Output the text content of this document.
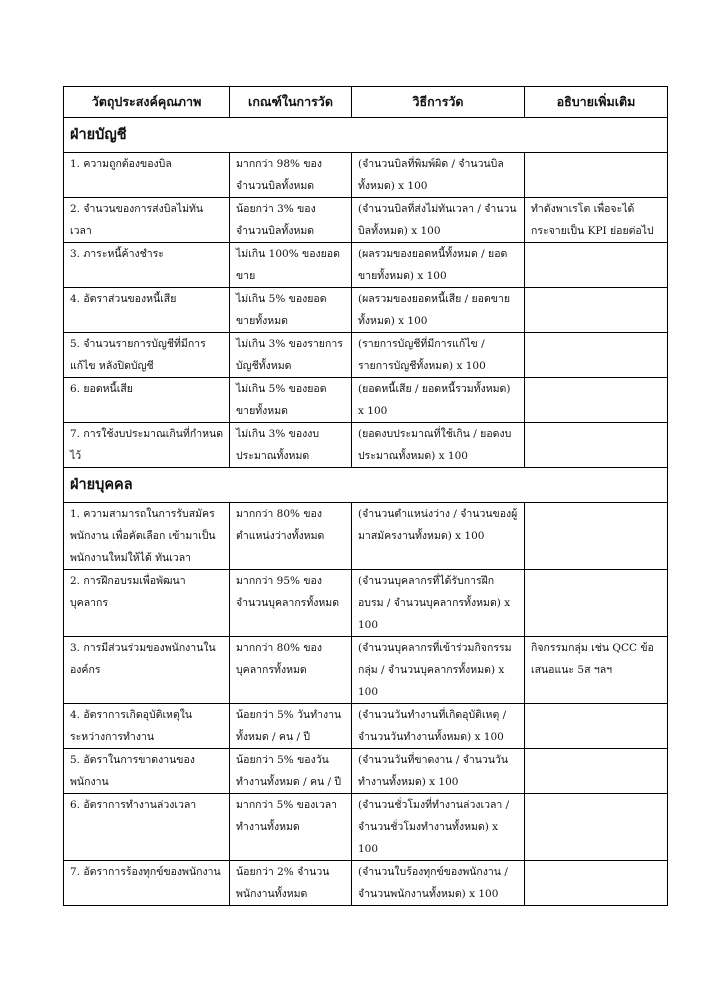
วัตถุประสงค์คุณภาพ	เกณฑ์ในการวัด	วิธีการวัด	อธิบายเพิ่มเติม
ฝ่ายบัญชี			
1. ความถูกต้องของบิล	มากกว่า 98% ของจำนวนบิลทั้งหมด	(จำนวนบิลที่พิมพ์ผิด / จำนวนบิลทั้งหมด) x 100	
2. จำนวนของการส่งบิลไม่ทันเวลา	น้อยกว่า 3% ของจำนวนบิลทั้งหมด	(จำนวนบิลที่ส่งไม่ทันเวลา / จำนวนบิลทั้งหมด) x 100	ทำดังพาเรโต เพื่อจะได้กระจายเป็น KPI ย่อยต่อไป
3. ภาระหนี้ค้างชำระ	ไม่เกิน 100% ของยอดขาย	(ผลรวมของยอดหนี้ทั้งหมด / ยอดขายทั้งหมด) x 100	
4. อัตราส่วนของหนี้เสีย	ไม่เกิน 5% ของยอดขายทั้งหมด	(ผลรวมของยอดหนี้เสีย / ยอดขายทั้งหมด) x 100	
5. จำนวนรายการบัญชีที่มีการแก้ไข หลังปิดบัญชี	ไม่เกิน 3% ของรายการบัญชีทั้งหมด	(รายการบัญชีที่มีการแก้ไข / รายการบัญชีทั้งหมด) x 100	
6. ยอดหนี้เสีย	ไม่เกิน 5% ของยอดขายทั้งหมด	(ยอดหนี้เสีย / ยอดหนี้รวมทั้งหมด) x 100	
7. การใช้งบประมาณเกินที่กำหนดไว้	ไม่เกิน 3% ของงบประมาณทั้งหมด	(ยอดงบประมาณที่ใช้เกิน / ยอดงบประมาณทั้งหมด) x 100	
ฝ่ายบุคคล			
1. ความสามารถในการรับสมัครพนักงาน เพื่อคัดเลือก เข้ามาเป็นพนักงานใหม่ให้ได้ ทันเวลา	มากกว่า 80% ของตำแหน่งว่างทั้งหมด	(จำนวนตำแหน่งว่าง / จำนวนของผู้มาสมัครงานทั้งหมด) x 100	
2. การฝึกอบรมเพื่อพัฒนาบุคลากร	มากกว่า 95% ของจำนวนบุคลากรทั้งหมด	(จำนวนบุคลากรที่ได้รับการฝึกอบรม / จำนวนบุคลากรทั้งหมด) x 100	
3. การมีส่วนร่วมของพนักงานในองค์กร	มากกว่า 80% ของบุคลากรทั้งหมด	(จำนวนบุคลากรที่เข้าร่วมกิจกรรมกลุ่ม / จำนวนบุคลากรทั้งหมด) x 100	กิจกรรมกลุ่ม เช่น QCC ข้อเสนอแนะ 5ส ฯลฯ
4. อัตราการเกิดอุบัติเหตุในระหว่างการทำงาน	น้อยกว่า 5% วันทำงานทั้งหมด / คน / ปี	(จำนวนวันทำงานที่เกิดอุบัติเหตุ / จำนวนวันทำงานทั้งหมด) x 100	
5. อัตราในการขาดงานของพนักงาน	น้อยกว่า 5% ของวันทำงานทั้งหมด / คน / ปี	(จำนวนวันที่ขาดงาน / จำนวนวันทำงานทั้งหมด) x 100	
6. อัตราการทำงานล่วงเวลา	มากกว่า 5% ของเวลาทำงานทั้งหมด	(จำนวนชั่วโมงที่ทำงานล่วงเวลา / จำนวนชั่วโมงทำงานทั้งหมด) x 100	
7. อัตราการร้องทุกข์ของพนักงาน	น้อยกว่า 2% จำนวนพนักงานทั้งหมด	(จำนวนใบร้องทุกข์ของพนักงาน / จำนวนพนักงานทั้งหมด) x 100	
